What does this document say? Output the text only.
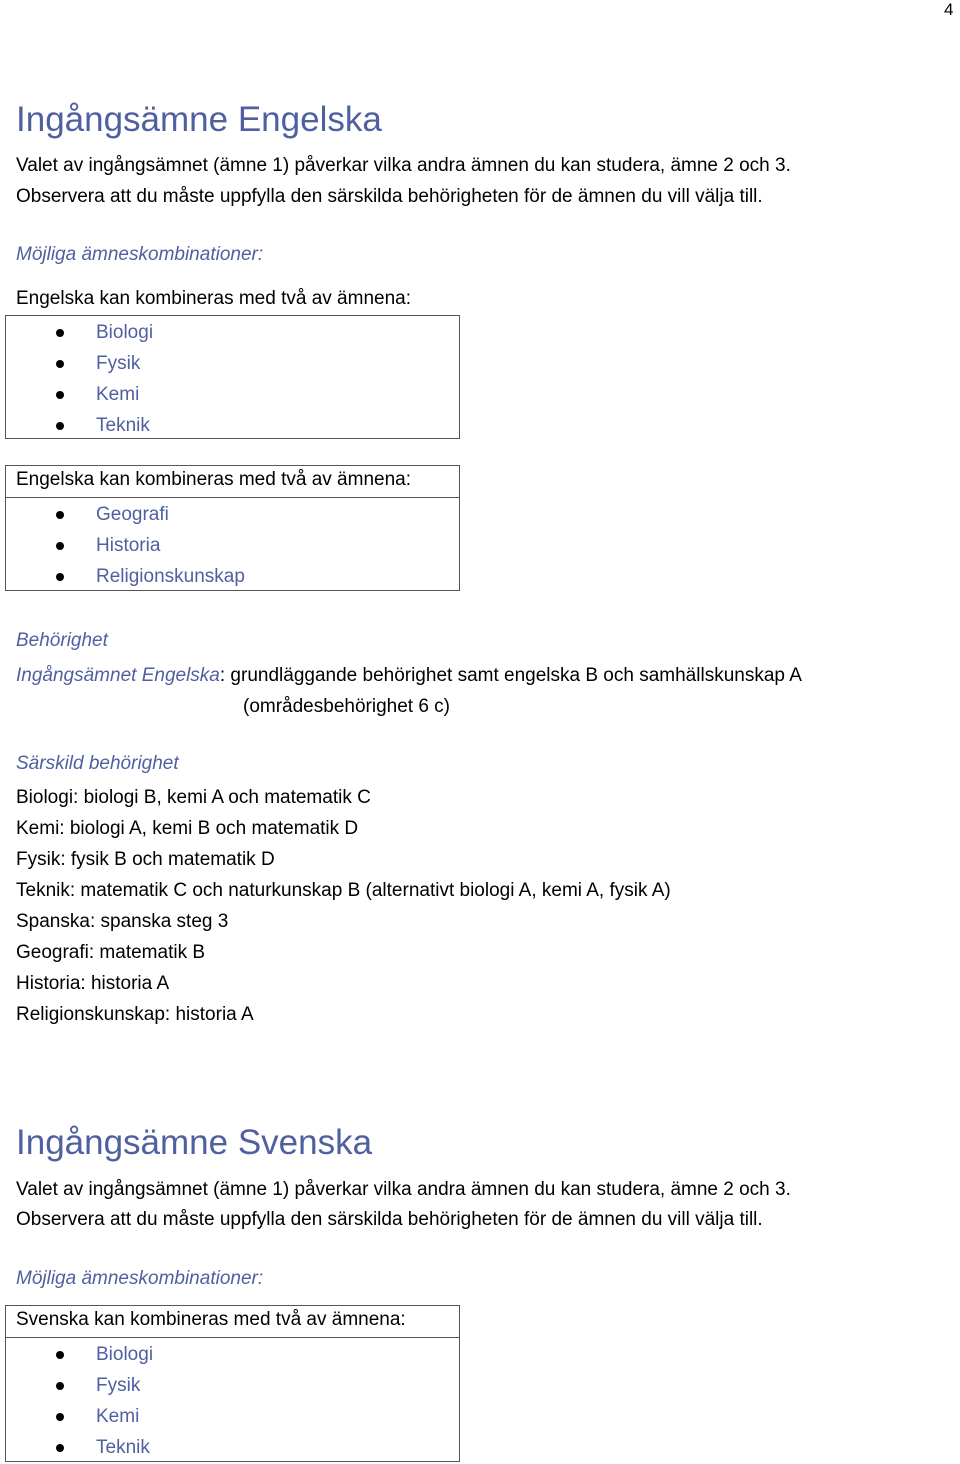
4
Ingångsämne Engelska
Valet av ingångsämnet (ämne 1) påverkar vilka andra ämnen du kan studera, ämne 2 och 3.
Observera att du måste uppfylla den särskilda behörigheten för de ämnen du vill välja till.
Möjliga ämneskombinationer:
Engelska kan kombineras med två av ämnena:
Biologi
Fysik
Kemi
Teknik
Engelska kan kombineras med två av ämnena:
Geografi
Historia
Religionskunskap
Behörighet
Ingångsämnet Engelska: grundläggande behörighet samt engelska B och samhällskunskap A
(områdesbehörighet 6 c)
Särskild behörighet
Biologi: biologi B, kemi A och matematik C
Kemi: biologi A, kemi B och matematik D
Fysik: fysik B och matematik D
Teknik: matematik C och naturkunskap B (alternativt biologi A, kemi A, fysik A)
Spanska: spanska steg 3
Geografi: matematik B
Historia: historia A
Religionskunskap: historia A
Ingångsämne Svenska
Valet av ingångsämnet (ämne 1) påverkar vilka andra ämnen du kan studera, ämne 2 och 3.
Observera att du måste uppfylla den särskilda behörigheten för de ämnen du vill välja till.
Möjliga ämneskombinationer:
Svenska kan kombineras med två av ämnena:
Biologi
Fysik
Kemi
Teknik
